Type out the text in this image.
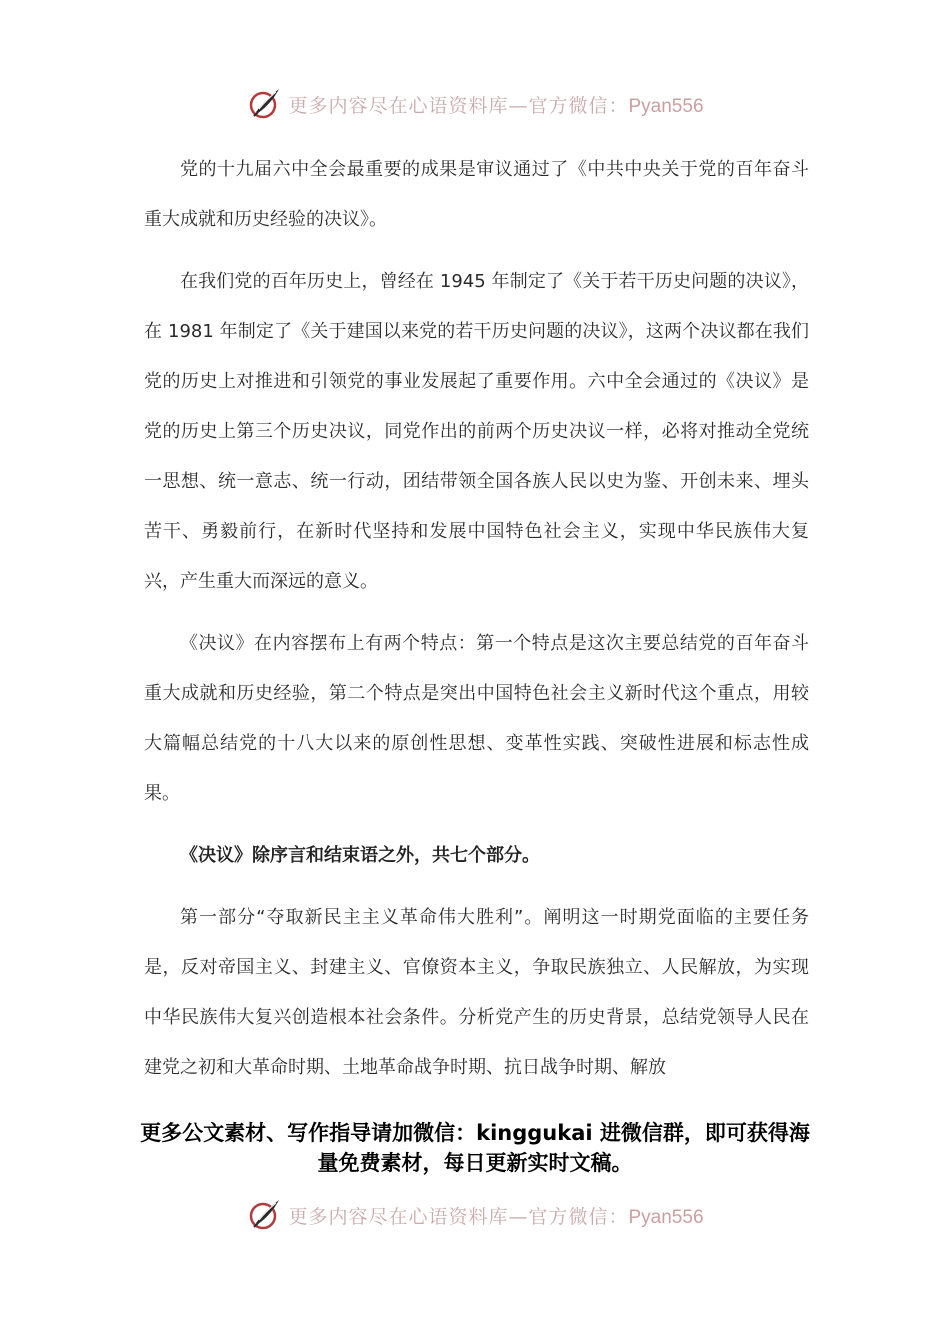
更多内容尽在心语资料库—官方微信：Pyan556

党的十九届六中全会最重要的成果是审议通过了《中共中央关于党的百年奋斗重大成就和历史经验的决议》。

在我们党的百年历史上，曾经在 1945 年制定了《关于若干历史问题的决议》，在 1981 年制定了《关于建国以来党的若干历史问题的决议》，这两个决议都在我们党的历史上对推进和引领党的事业发展起了重要作用。六中全会通过的《决议》是党的历史上第三个历史决议，同党作出的前两个历史决议一样，必将对推动全党统一思想、统一意志、统一行动，团结带领全国各族人民以史为鉴、开创未来、埋头苦干、勇毅前行，在新时代坚持和发展中国特色社会主义，实现中华民族伟大复兴，产生重大而深远的意义。

《决议》在内容摆布上有两个特点：第一个特点是这次主要总结党的百年奋斗重大成就和历史经验，第二个特点是突出中国特色社会主义新时代这个重点，用较大篇幅总结党的十八大以来的原创性思想、变革性实践、突破性进展和标志性成果。

《决议》除序言和结束语之外，共七个部分。

第一部分“夺取新民主主义革命伟大胜利”。阐明这一时期党面临的主要任务是，反对帝国主义、封建主义、官僚资本主义，争取民族独立、人民解放，为实现中华民族伟大复兴创造根本社会条件。分析党产生的历史背景，总结党领导人民在建党之初和大革命时期、土地革命战争时期、抗日战争时期、解放

更多公文素材、写作指导请加微信：kinggukai 进微信群，即可获得海量免费素材，每日更新实时文稿。
更多内容尽在心语资料库—官方微信：Pyan556
